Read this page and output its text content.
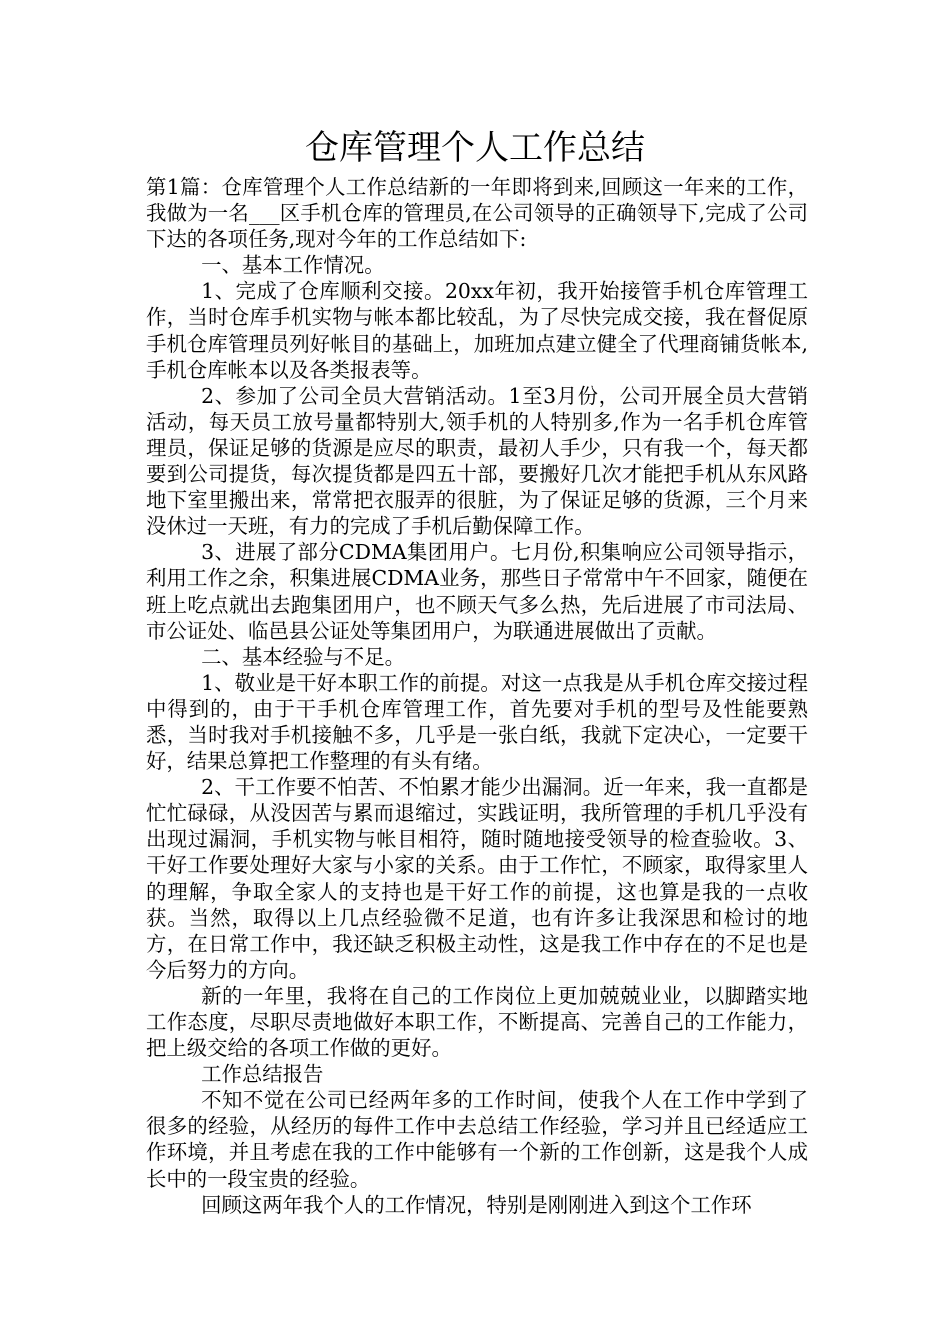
仓库管理个人工作总结

第1篇：仓库管理个人工作总结新的一年即将到来,回顾这一年来的工作，我做为一名___区手机仓库的管理员,在公司领导的正确领导下,完成了公司下达的各项任务,现对今年的工作总结如下:

一、基本工作情况。

1、完成了仓库顺利交接。20xx年初，我开始接管手机仓库管理工作，当时仓库手机实物与帐本都比较乱，为了尽快完成交接，我在督促原手机仓库管理员列好帐目的基础上，加班加点建立健全了代理商铺货帐本,手机仓库帐本以及各类报表等。

2、参加了公司全员大营销活动。1至3月份，公司开展全员大营销活动，每天员工放号量都特别大,领手机的人特别多,作为一名手机仓库管理员，保证足够的货源是应尽的职责，最初人手少，只有我一个，每天都要到公司提货，每次提货都是四五十部，要搬好几次才能把手机从东风路地下室里搬出来，常常把衣服弄的很脏，为了保证足够的货源，三个月来没休过一天班，有力的完成了手机后勤保障工作。

3、进展了部分CDMA集团用户。七月份,积集响应公司领导指示，利用工作之余，积集进展CDMA业务，那些日子常常中午不回家，随便在班上吃点就出去跑集团用户，也不顾天气多么热，先后进展了市司法局、市公证处、临邑县公证处等集团用户，为联通进展做出了贡献。

二、基本经验与不足。

1、敬业是干好本职工作的前提。对这一点我是从手机仓库交接过程中得到的，由于干手机仓库管理工作，首先要对手机的型号及性能要熟悉，当时我对手机接触不多，几乎是一张白纸，我就下定决心，一定要干好，结果总算把工作整理的有头有绪。

2、干工作要不怕苦、不怕累才能少出漏洞。近一年来，我一直都是忙忙碌碌，从没因苦与累而退缩过，实践证明，我所管理的手机几乎没有出现过漏洞，手机实物与帐目相符，随时随地接受领导的检查验收。3、干好工作要处理好大家与小家的关系。由于工作忙，不顾家，取得家里人的理解，争取全家人的支持也是干好工作的前提，这也算是我的一点收获。当然，取得以上几点经验微不足道，也有许多让我深思和检讨的地方，在日常工作中，我还缺乏积极主动性，这是我工作中存在的不足也是今后努力的方向。

新的一年里，我将在自己的工作岗位上更加兢兢业业，以脚踏实地工作态度，尽职尽责地做好本职工作，不断提高、完善自己的工作能力，把上级交给的各项工作做的更好。

工作总结报告

不知不觉在公司已经两年多的工作时间，使我个人在工作中学到了很多的经验，从经历的每件工作中去总结工作经验，学习并且已经适应工作环境，并且考虑在我的工作中能够有一个新的工作创新，这是我个人成长中的一段宝贵的经验。

回顾这两年我个人的工作情况，特别是刚刚进入到这个工作环
